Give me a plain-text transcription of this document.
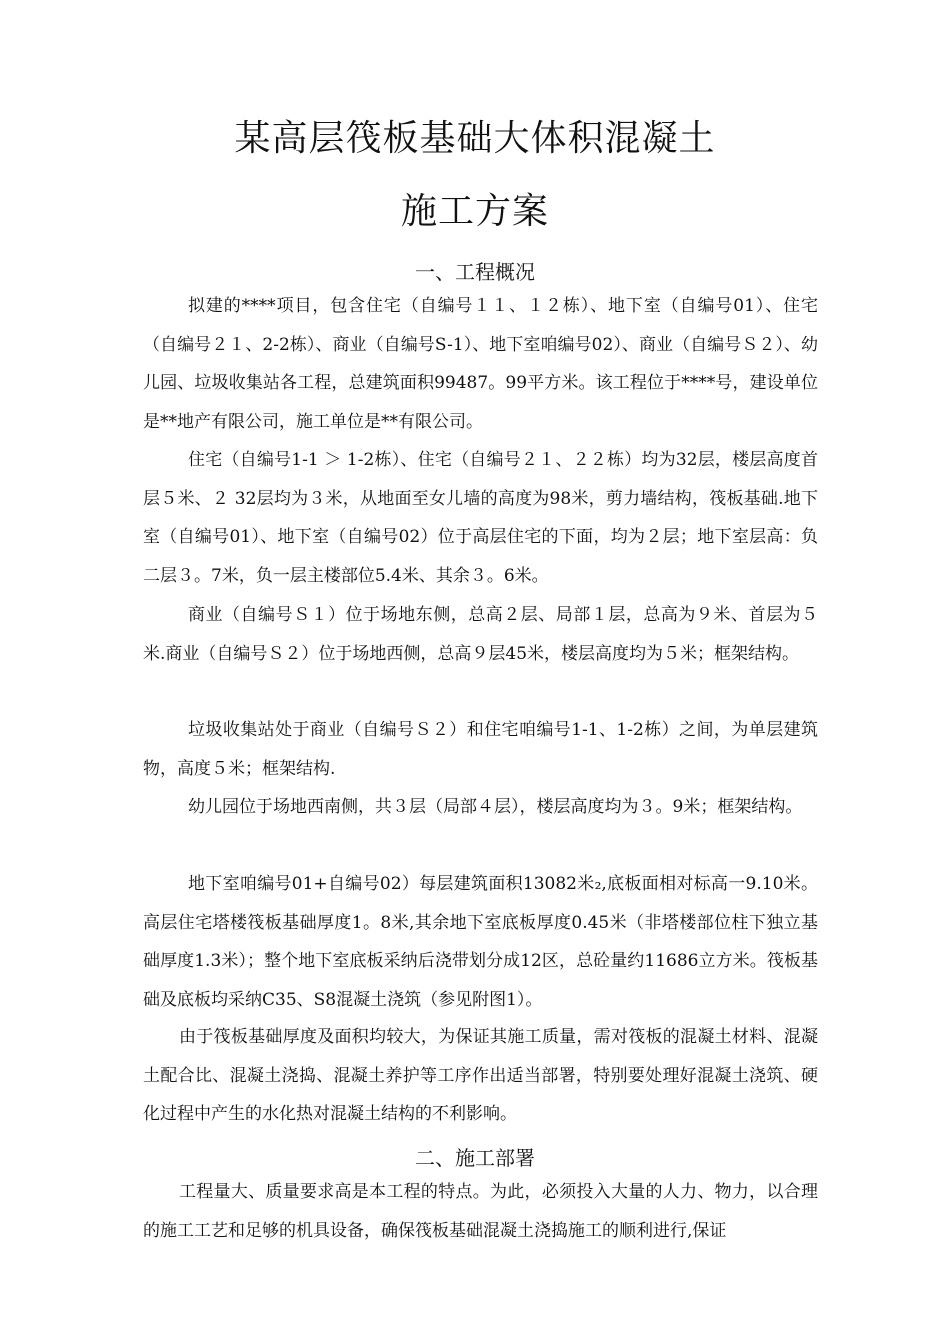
某高层筏板基础大体积混凝土
施工方案
一、工程概况

拟建的****项目，包含住宅（自编号１１、１２栋）、地下室（自编号01）、住宅（自编号２１、2-2栋）、商业（自编号S-1）、地下室咱编号02）、商业（自编号Ｓ２）、幼儿园、垃圾收集站各工程，总建筑面积99487。99平方米。该工程位于****号，建设单位是**地产有限公司，施工单位是**有限公司。

住宅（自编号1-1 ＞ 1-2栋）、住宅（自编号２１、２２栋）均为32层，楼层高度首层５米、２ 32层均为３米，从地面至女儿墙的高度为98米，剪力墙结构，筏板基础.地下室（自编号01）、地下室（自编号02）位于高层住宅的下面，均为２层；地下室层高：负二层３。7米，负一层主楼部位5.4米、其余３。6米。

商业（自编号Ｓ１）位于场地东侧，总高２层、局部１层，总高为９米、首层为５米.商业（自编号Ｓ２）位于场地西侧，总高９层45米，楼层高度均为５米；框架结构。

垃圾收集站处于商业（自编号Ｓ２）和住宅咱编号1-1、1-2栋）之间，为单层建筑物，高度５米；框架结构.

幼儿园位于场地西南侧，共３层（局部４层），楼层高度均为３。9米；框架结构。

地下室咱编号01+自编号02）每层建筑面积13082米₂,底板面相对标高一9.10米。高层住宅塔楼筏板基础厚度1。8米,其余地下室底板厚度0.45米（非塔楼部位柱下独立基础厚度1.3米）；整个地下室底板采纳后浇带划分成12区，总砼量约11686立方米。筏板基础及底板均采纳C35、S8混凝土浇筑（参见附图1）。

由于筏板基础厚度及面积均较大，为保证其施工质量，需对筏板的混凝土材料、混凝土配合比、混凝土浇捣、混凝土养护等工序作出适当部署，特别要处理好混凝土浇筑、硬化过程中产生的水化热对混凝土结构的不利影响。

二、施工部署

工程量大、质量要求高是本工程的特点。为此，必须投入大量的人力、物力，以合理的施工工艺和足够的机具设备，确保筏板基础混凝土浇捣施工的顺利进行,保证
